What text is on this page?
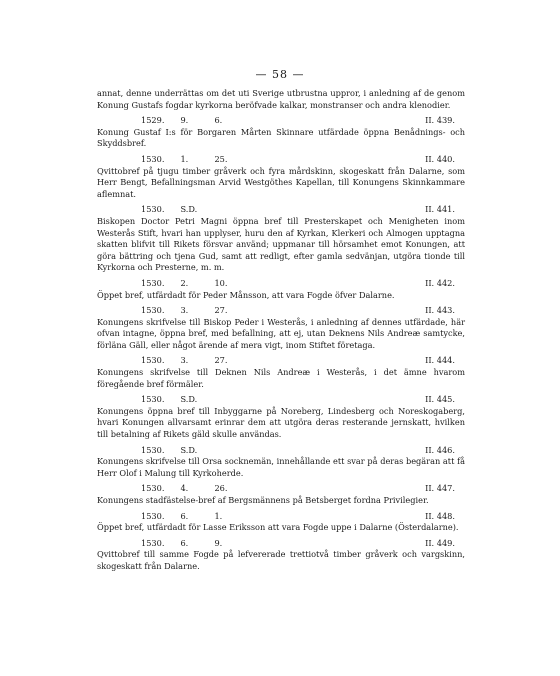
— 58 —

annat, denne underrättas om det uti Sverige utbrustna uppror, i anledning af de genom Konung Gustafs fogdar kyrkorna beröfvade kalkar, monstranser och andra klenodier.

1529. 9.	6.	II. 439.

Konung Gustaf I:s för Borgaren Mårten Skinnare utfärdade öppna Benådnings- och Skyddsbref.

1530. 1.	25.	II. 440.

Qvittobref på tjugu timber gråverk och fyra mårdskinn, skogeskatt från Dalarne, som Herr Bengt, Befallningsman Arvid Westgöthes Kapellan, till Konungens Skinnkammare aflemnat.

1530. S.D.	II. 441.

Biskopen Doctor Petri Magni öppna bref till Presterskapet och Menigheten inom Westerås Stift, hvari han upplyser, huru den af Kyrkan, Klerkeri och Almogen upptagna skatten blifvit till Rikets försvar använd; uppmanar till hörsamhet emot Konungen, att göra bättring och tjena Gud, samt att redligt, efter gamla sedvänjan, utgöra tionde till Kyrkorna och Presterne, m. m.

1530. 2.	10.	II. 442.

Öppet bref, utfärdadt för Peder Månsson, att vara Fogde öfver Dalarne.

1530. 3.	27.	II. 443.

Konungens skrifvelse till Biskop Peder i Westerås, i anledning af dennes utfärdade, här ofvan intagne, öppna bref, med befallning, att ej, utan Deknens Nils Andreæ samtycke, förläna Gäll, eller något ärende af mera vigt, inom Stiftet företaga.

1530. 3.	27.	II. 444.

Konungens skrifvelse till Deknen Nils Andreæ i Westerås, i det ämne hvarom föregående bref förmäler.

1530. S.D.	II. 445.

Konungens öppna bref till Inbyggarne på Noreberg, Lindesberg och Noreskogaberg, hvari Konungen allvarsamt erinrar dem att utgöra deras resterande jernskatt, hvilken till betalning af Rikets gäld skulle användas.

1530. S.D.	II. 446.

Konungens skrifvelse till Orsa socknemän, innehållande ett svar på deras begäran att få Herr Olof i Malung till Kyrkoherde.

1530. 4.	26.	II. 447.

Konungens stadfästelse-bref af Bergsmännens på Betsberget fordna Privilegier.

1530. 6.	1.	II. 448.

Öppet bref, utfärdadt för Lasse Eriksson att vara Fogde uppe i Dalarne (Österdalarne).

1530. 6.	9.	II. 449.

Qvittobref till samme Fogde på lefvererade trettiotvå timber gråverk och vargskinn, skogeskatt från Dalarne.
